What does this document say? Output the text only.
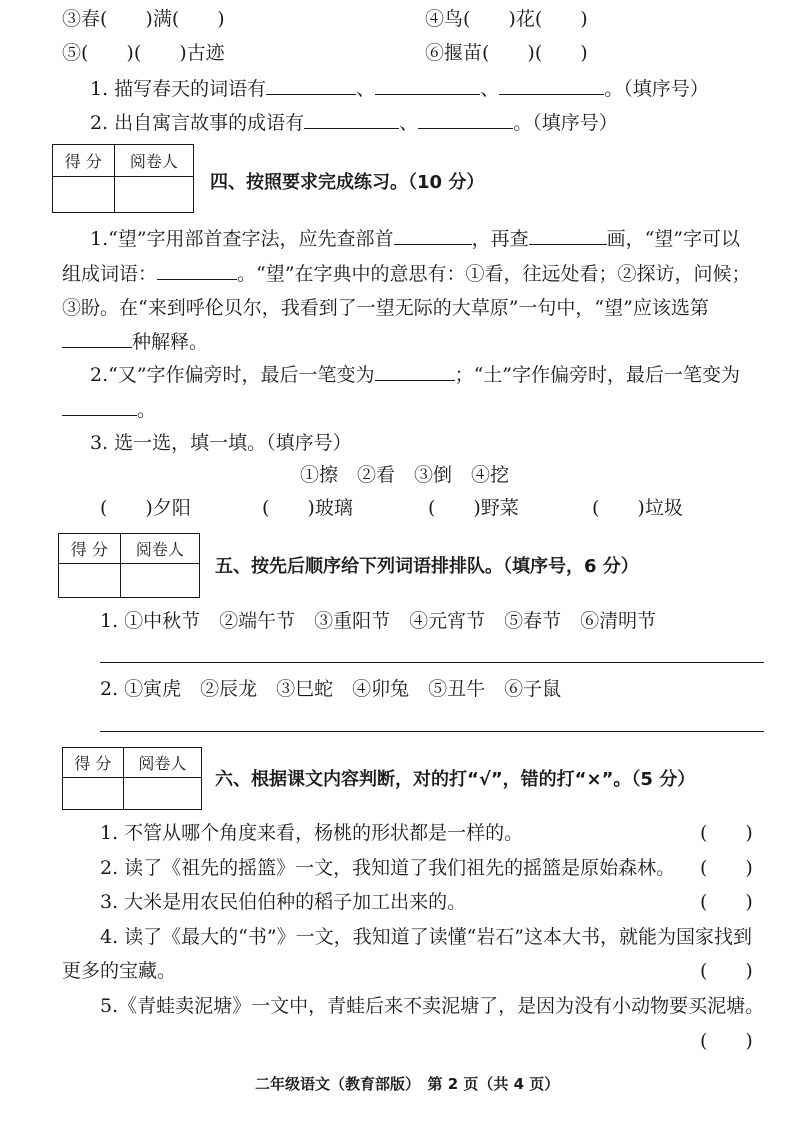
③春(　　)满(　　)	④鸟(　　)花(　　)
⑤(　　)(　　)古迹	⑥揠苗(　　)(　　)
1. 描写春天的词语有	、	、	。（填序号）
2. 出自寓言故事的成语有	、	。（填序号）
得 分	阅卷人

四、按照要求完成练习。（10 分）
1.“望”字用部首查字法，应先查部首	，再查	画，“望”字可以
组成词语：	。“望”在字典中的意思有：①看，往远处看；②探访，问候；
③盼。在“来到呼伦贝尔，我看到了一望无际的大草原”一句中，“望”应该选第
种解释。
2.“又”字作偏旁时，最后一笔变为	；“土”字作偏旁时，最后一笔变为
。
3. 选一选，填一填。（填序号）
①擦　②看　③倒　④挖
(　　)夕阳	(　　)玻璃	(　　)野菜	(　　)垃圾
得 分	阅卷人

五、按先后顺序给下列词语排排队。（填序号，6 分）
1. ①中秋节　②端午节　③重阳节　④元宵节　⑤春节　⑥清明节
2. ①寅虎　②辰龙　③巳蛇　④卯兔　⑤丑牛　⑥子鼠
得 分	阅卷人

六、根据课文内容判断，对的打“√”，错的打“×”。（5 分）
1. 不管从哪个角度来看，杨桃的形状都是一样的。	(　　)
2. 读了《祖先的摇篮》一文，我知道了我们祖先的摇篮是原始森林。 (　　)
3. 大米是用农民伯伯种的稻子加工出来的。	(　　)
4. 读了《最大的“书”》一文，我知道了读懂“岩石”这本大书，就能为国家找到
更多的宝藏。	(　　)
5.《青蛙卖泥塘》一文中，青蛙后来不卖泥塘了，是因为没有小动物要买泥塘。
(　　)
二年级语文（教育部版）　第 2 页（共 4 页）
